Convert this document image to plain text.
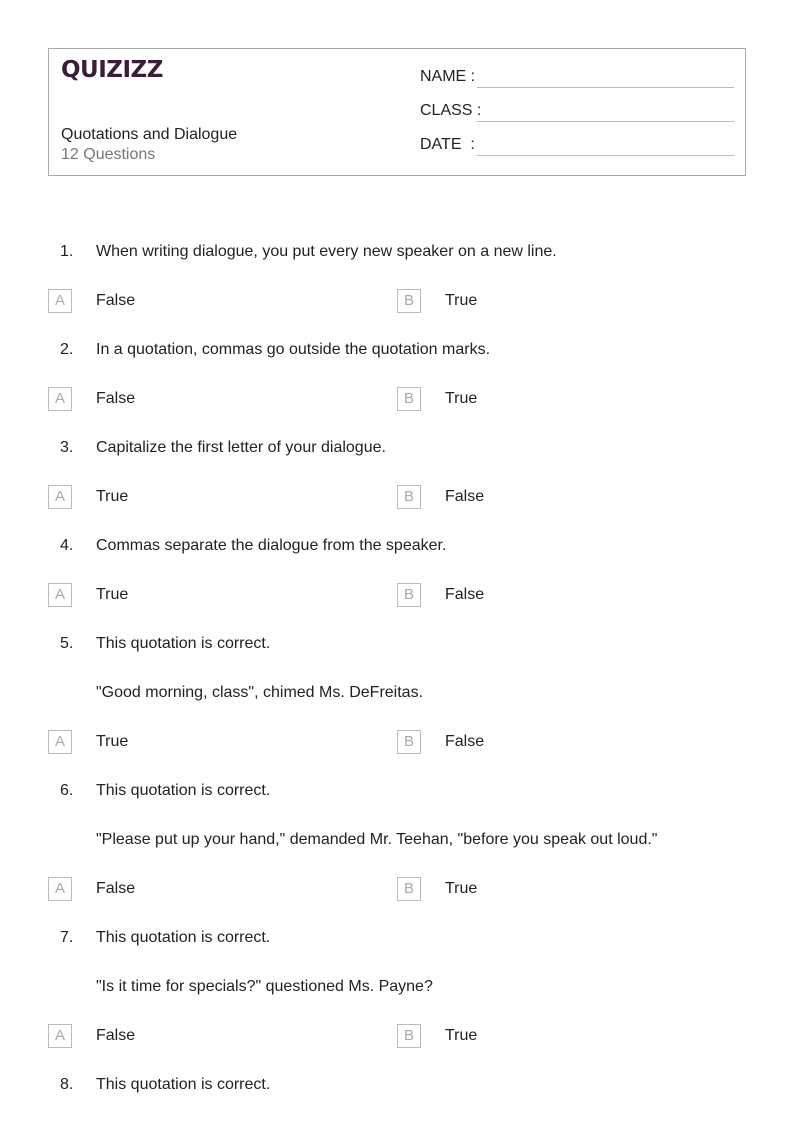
QUIZIZZ
Quotations and Dialogue
12 Questions
NAME :
CLASS :
DATE  :
1. When writing dialogue, you put every new speaker on a new line.
A	False	B	True
2. In a quotation, commas go outside the quotation marks.
A	False	B	True
3. Capitalize the first letter of your dialogue.
A	True	B	False
4. Commas separate the dialogue from the speaker.
A	True	B	False
5. This quotation is correct.
"Good morning, class", chimed Ms. DeFreitas.
A	True	B	False
6. This quotation is correct.
"Please put up your hand," demanded Mr. Teehan, "before you speak out loud."
A	False	B	True
7. This quotation is correct.
"Is it time for specials?" questioned Ms. Payne?
A	False	B	True
8. This quotation is correct.
